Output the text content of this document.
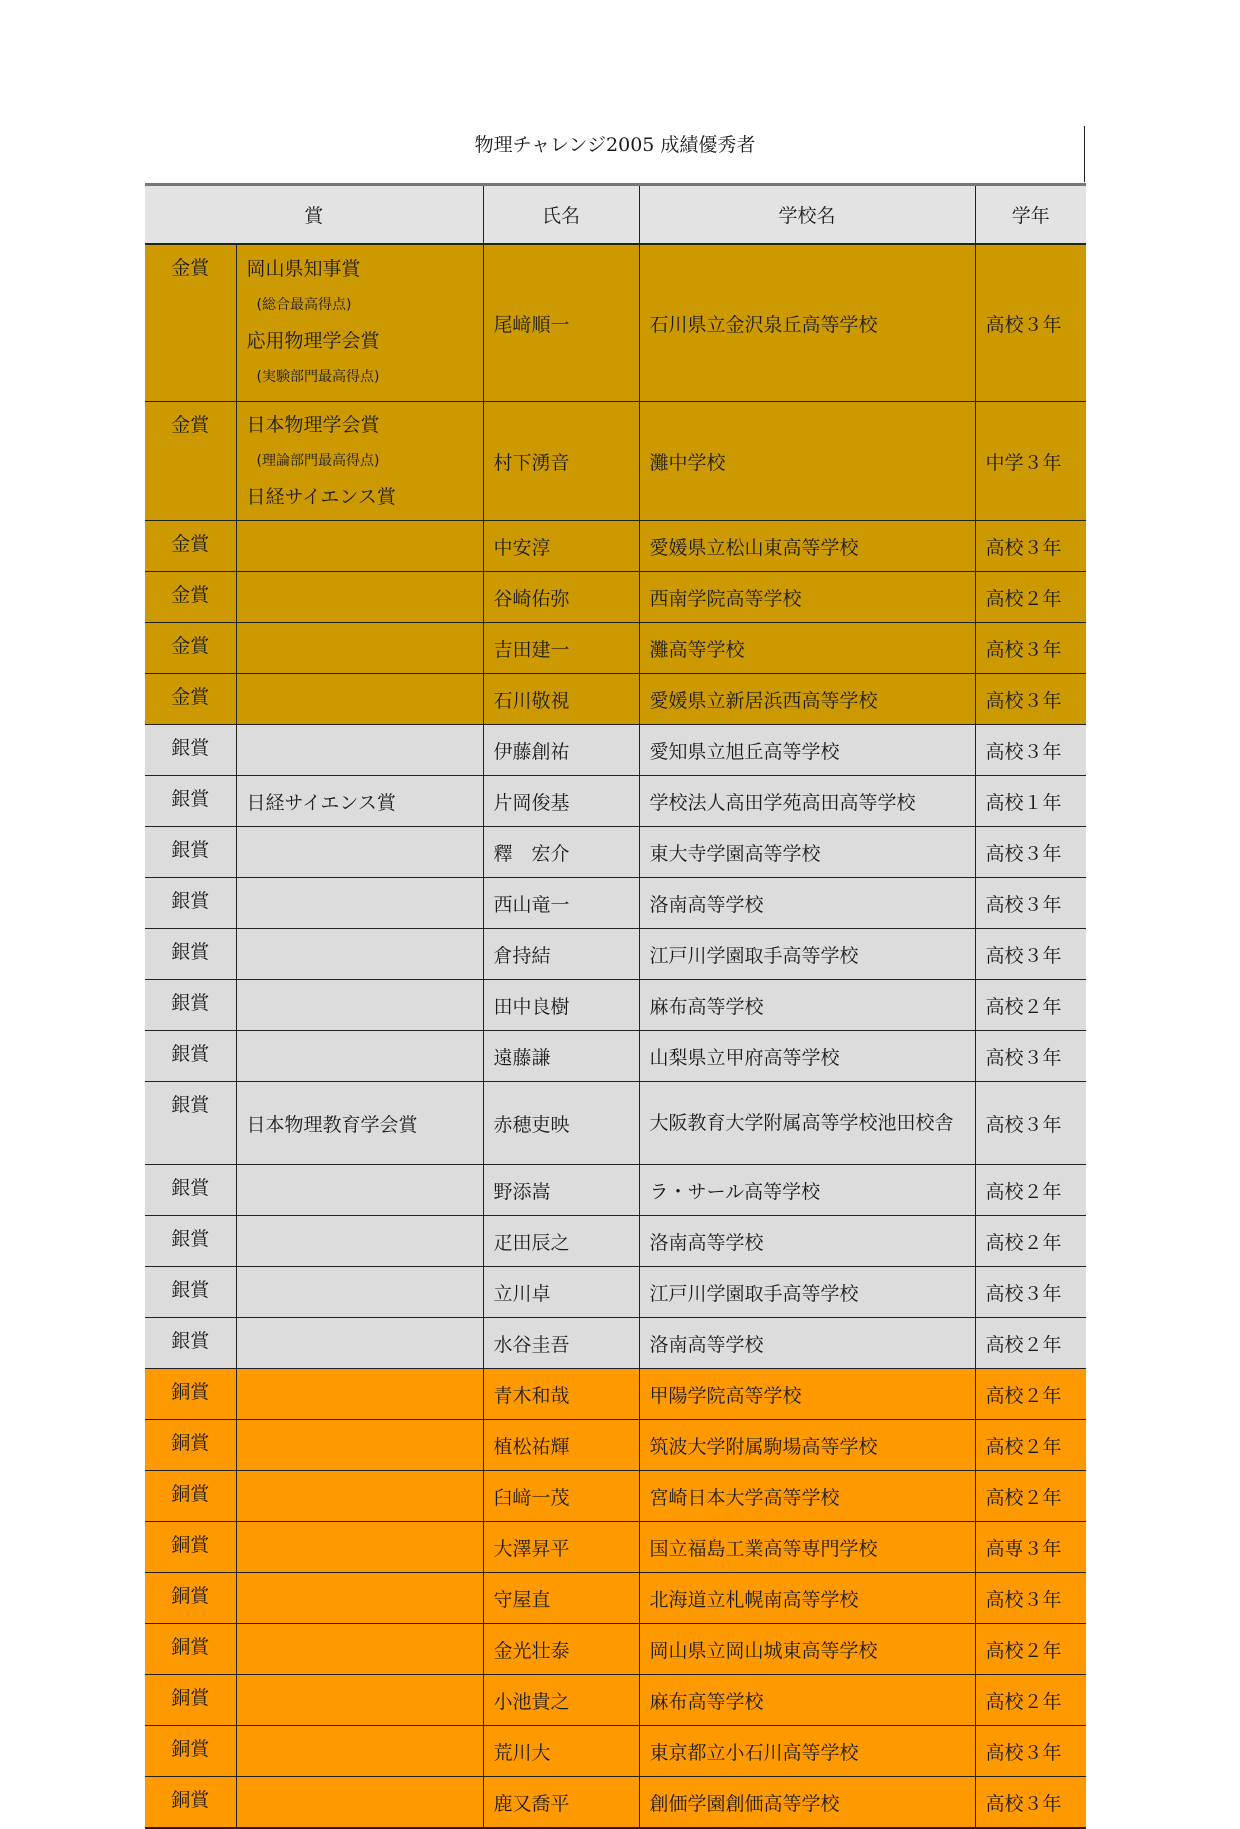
物理チャレンジ2005 成績優秀者
賞		氏名	学校名	学年
金賞	岡山県知事賞
(総合最高得点)
応用物理学会賞
(実験部門最高得点)	尾﨑順一	石川県立金沢泉丘高等学校	高校３年
金賞	日本物理学会賞
(理論部門最高得点)
日経サイエンス賞	村下湧音	灘中学校	中学３年
金賞		中安淳	愛媛県立松山東高等学校	高校３年
金賞		谷崎佑弥	西南学院高等学校	高校２年
金賞		吉田建一	灘高等学校	高校３年
金賞		石川敬視	愛媛県立新居浜西高等学校	高校３年
銀賞		伊藤創祐	愛知県立旭丘高等学校	高校３年
銀賞	日経サイエンス賞	片岡俊基	学校法人高田学苑高田高等学校	高校１年
銀賞		釋　宏介	東大寺学園高等学校	高校３年
銀賞		西山竜一	洛南高等学校	高校３年
銀賞		倉持結	江戸川学園取手高等学校	高校３年
銀賞		田中良樹	麻布高等学校	高校２年
銀賞		遠藤謙	山梨県立甲府高等学校	高校３年
銀賞	日本物理教育学会賞	赤穂吏映	大阪教育大学附属高等学校池田校舎	高校３年
銀賞		野添嵩	ラ・サール高等学校	高校２年
銀賞		疋田辰之	洛南高等学校	高校２年
銀賞		立川卓	江戸川学園取手高等学校	高校３年
銀賞		水谷圭吾	洛南高等学校	高校２年
銅賞		青木和哉	甲陽学院高等学校	高校２年
銅賞		植松祐輝	筑波大学附属駒場高等学校	高校２年
銅賞		臼﨑一茂	宮崎日本大学高等学校	高校２年
銅賞		大澤昇平	国立福島工業高等専門学校	高専３年
銅賞		守屋直	北海道立札幌南高等学校	高校３年
銅賞		金光壮泰	岡山県立岡山城東高等学校	高校２年
銅賞		小池貴之	麻布高等学校	高校２年
銅賞		荒川大	東京都立小石川高等学校	高校３年
銅賞		鹿又喬平	創価学園創価高等学校	高校３年
